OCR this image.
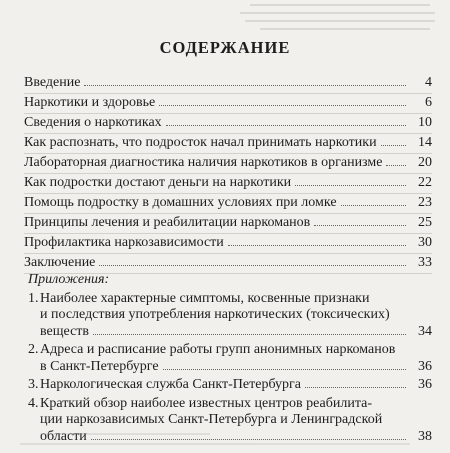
СОДЕРЖАНИЕ
Введение	4
Наркотики и здоровье	6
Сведения о наркотиках	10
Как распознать, что подросток начал принимать наркотики	14
Лабораторная диагностика наличия наркотиков в организме	20
Как подростки достают деньги на наркотики	22
Помощь подростку в домашних условиях при ломке	23
Принципы лечения и реабилитации наркоманов	25
Профилактика наркозависимости	30
Заключение	33
Приложения:
1. Наиболее характерные симптомы, косвенные признаки
и последствия употребления наркотических (токсических)
веществ	34
2. Адреса и расписание работы групп анонимных наркоманов
в Санкт-Петербурге	36
3. Наркологическая служба Санкт-Петербурга	36
4. Краткий обзор наиболее известных центров реабилита-
ции наркозависимых Санкт-Петербурга и Ленинградской
области	38
